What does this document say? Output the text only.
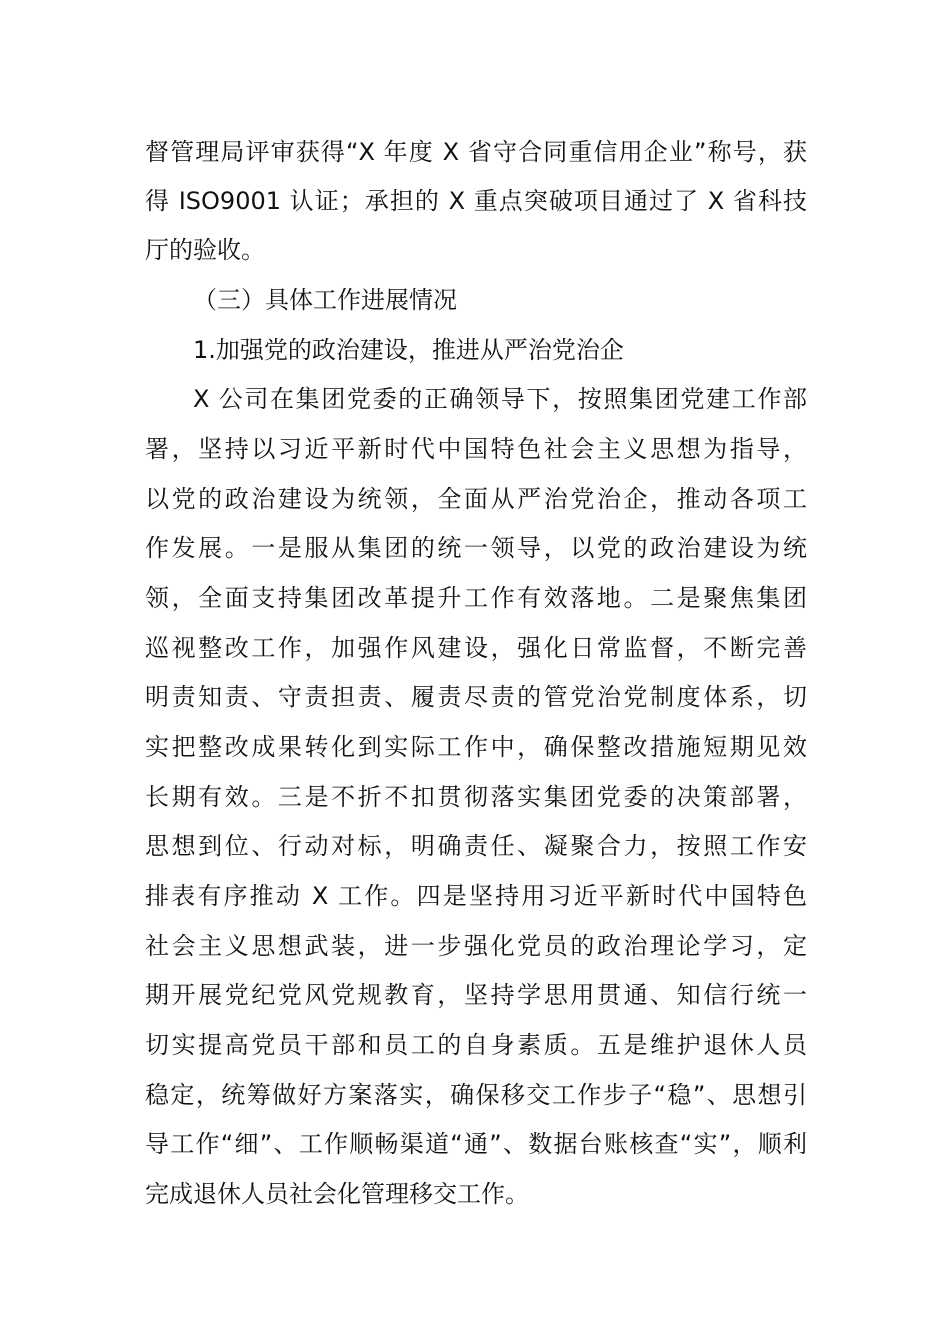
督管理局评审获得“X 年度 X 省守合同重信用企业”称号，获
得 ISO9001 认证；承担的 X 重点突破项目通过了 X 省科技
厅的验收。
（三）具体工作进展情况
1.加强党的政治建设，推进从严治党治企
X 公司在集团党委的正确领导下，按照集团党建工作部
署，坚持以习近平新时代中国特色社会主义思想为指导，
以党的政治建设为统领，全面从严治党治企，推动各项工
作发展。一是服从集团的统一领导，以党的政治建设为统
领，全面支持集团改革提升工作有效落地。二是聚焦集团
巡视整改工作，加强作风建设，强化日常监督，不断完善
明责知责、守责担责、履责尽责的管党治党制度体系，切
实把整改成果转化到实际工作中，确保整改措施短期见效
长期有效。三是不折不扣贯彻落实集团党委的决策部署，
思想到位、行动对标，明确责任、凝聚合力，按照工作安
排表有序推动 X 工作。四是坚持用习近平新时代中国特色
社会主义思想武装，进一步强化党员的政治理论学习，定
期开展党纪党风党规教育，坚持学思用贯通、知信行统一
切实提高党员干部和员工的自身素质。五是维护退休人员
稳定，统筹做好方案落实，确保移交工作步子“稳”、思想引
导工作“细”、工作顺畅渠道“通”、数据台账核查“实”，顺利
完成退休人员社会化管理移交工作。
